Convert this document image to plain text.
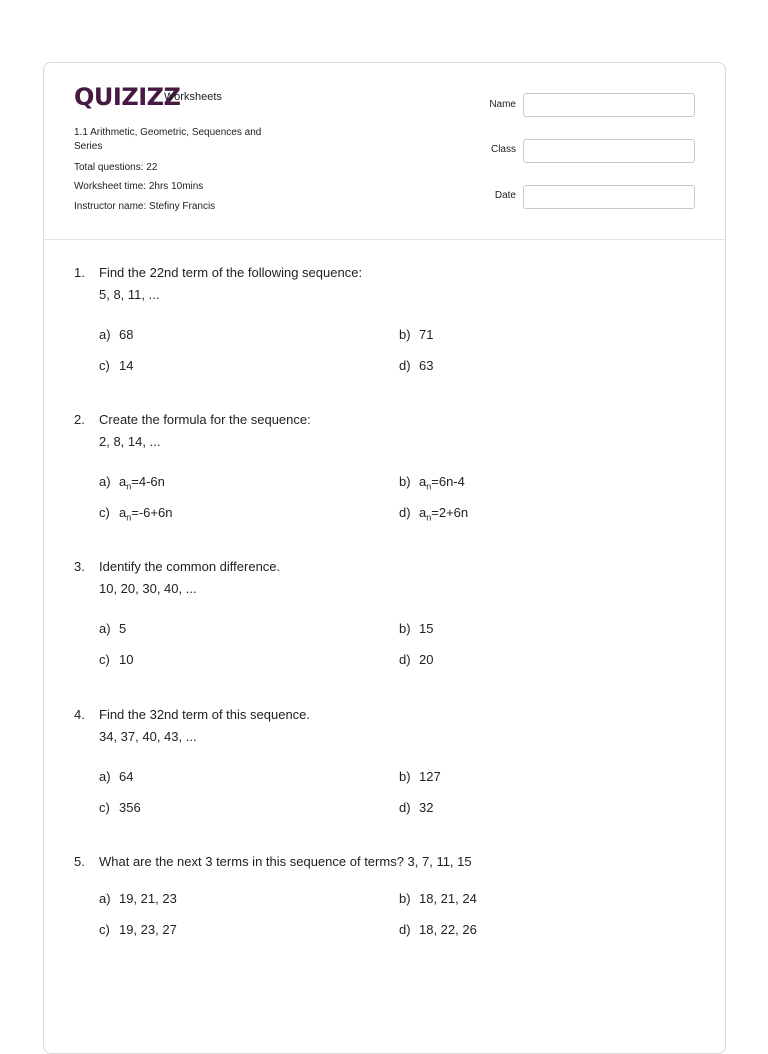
QUIZIZZ
Worksheets
1.1 Arithmetic, Geometric, Sequences and
Series
Total questions: 22
Worksheet time: 2hrs 10mins
Instructor name: Stefiny Francis
Name
Class
Date
1. Find the 22nd term of the following sequence:
5, 8, 11, ...
a) 68	b) 71
c) 14	d) 63
2. Create the formula for the sequence:
2, 8, 14, ...
a) $a_n=4-6n$	b) $a_n=6n-4$
c) $a_n=-6+6n$	d) $a_n=2+6n$
3. Identify the common difference.
10, 20, 30, 40, ...
a) 5	b) 15
c) 10	d) 20
4. Find the 32nd term of this sequence.
34, 37, 40, 43, ...
a) 64	b) 127
c) 356	d) 32
5. What are the next 3 terms in this sequence of terms? 3, 7, 11, 15
a) 19, 21, 23	b) 18, 21, 24
c) 19, 23, 27	d) 18, 22, 26
